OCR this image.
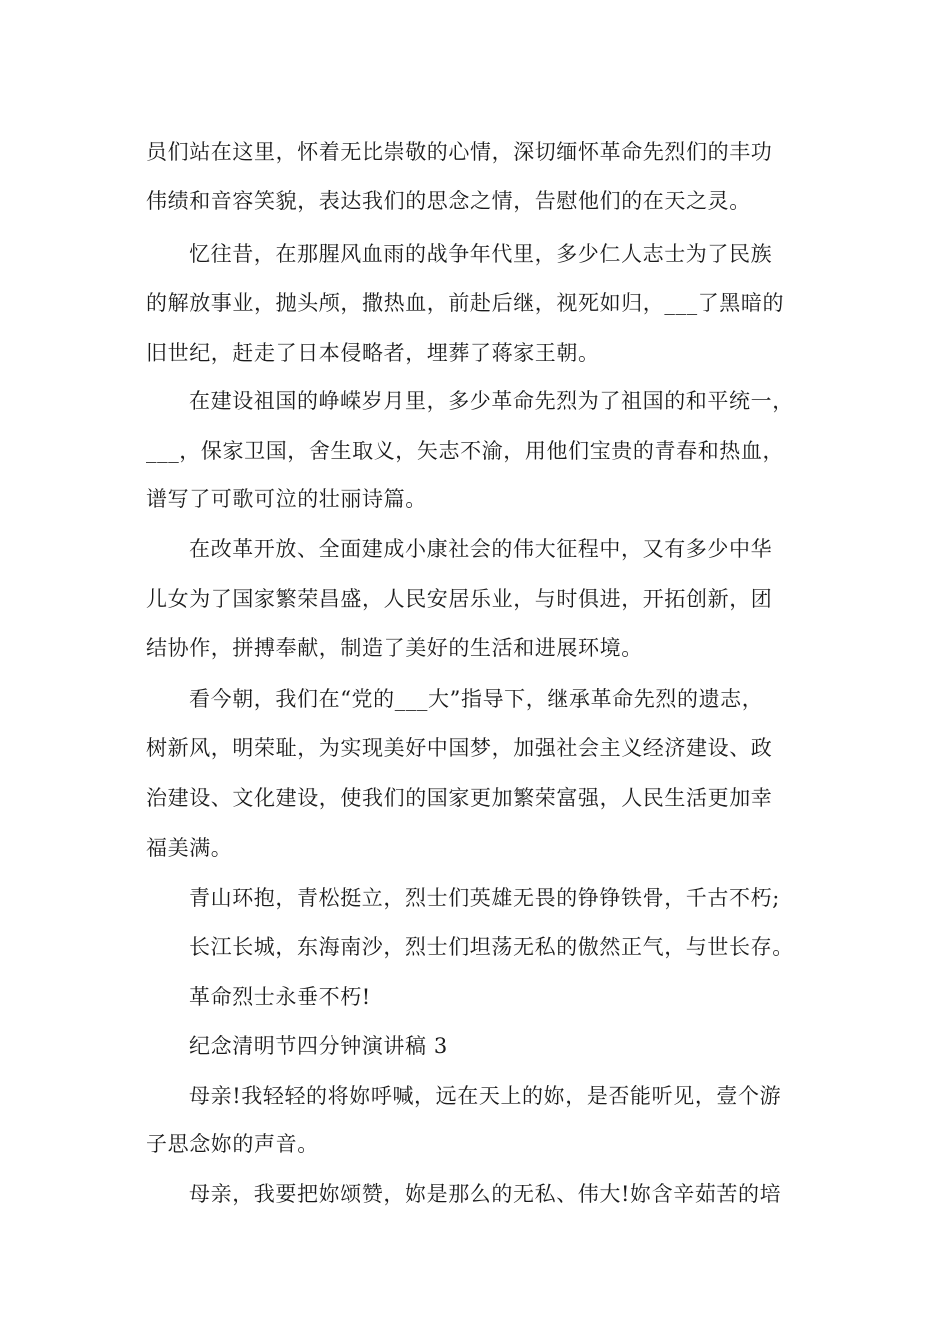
员们站在这里，怀着无比崇敬的心情，深切缅怀革命先烈们的丰功
伟绩和音容笑貌，表达我们的思念之情，告慰他们的在天之灵。
忆往昔，在那腥风血雨的战争年代里，多少仁人志士为了民族
的解放事业，抛头颅，撒热血，前赴后继，视死如归，___了黑暗的
旧世纪，赶走了日本侵略者，埋葬了蒋家王朝。
在建设祖国的峥嵘岁月里，多少革命先烈为了祖国的和平统一，
___，保家卫国，舍生取义，矢志不渝，用他们宝贵的青春和热血，
谱写了可歌可泣的壮丽诗篇。
在改革开放、全面建成小康社会的伟大征程中，又有多少中华
儿女为了国家繁荣昌盛，人民安居乐业，与时俱进，开拓创新，团
结协作，拼搏奉献，制造了美好的生活和进展环境。
看今朝，我们在“党的___大”指导下，继承革命先烈的遗志，
树新风，明荣耻，为实现美好中国梦，加强社会主义经济建设、政
治建设、文化建设，使我们的国家更加繁荣富强，人民生活更加幸
福美满。
青山环抱，青松挺立，烈士们英雄无畏的铮铮铁骨，千古不朽;
长江长城，东海南沙，烈士们坦荡无私的傲然正气，与世长存。
革命烈士永垂不朽!
纪念清明节四分钟演讲稿 3
母亲!我轻轻的将妳呼喊，远在天上的妳，是否能听见，壹个游
子思念妳的声音。
母亲，我要把妳颂赞，妳是那么的无私、伟大!妳含辛茹苦的培
